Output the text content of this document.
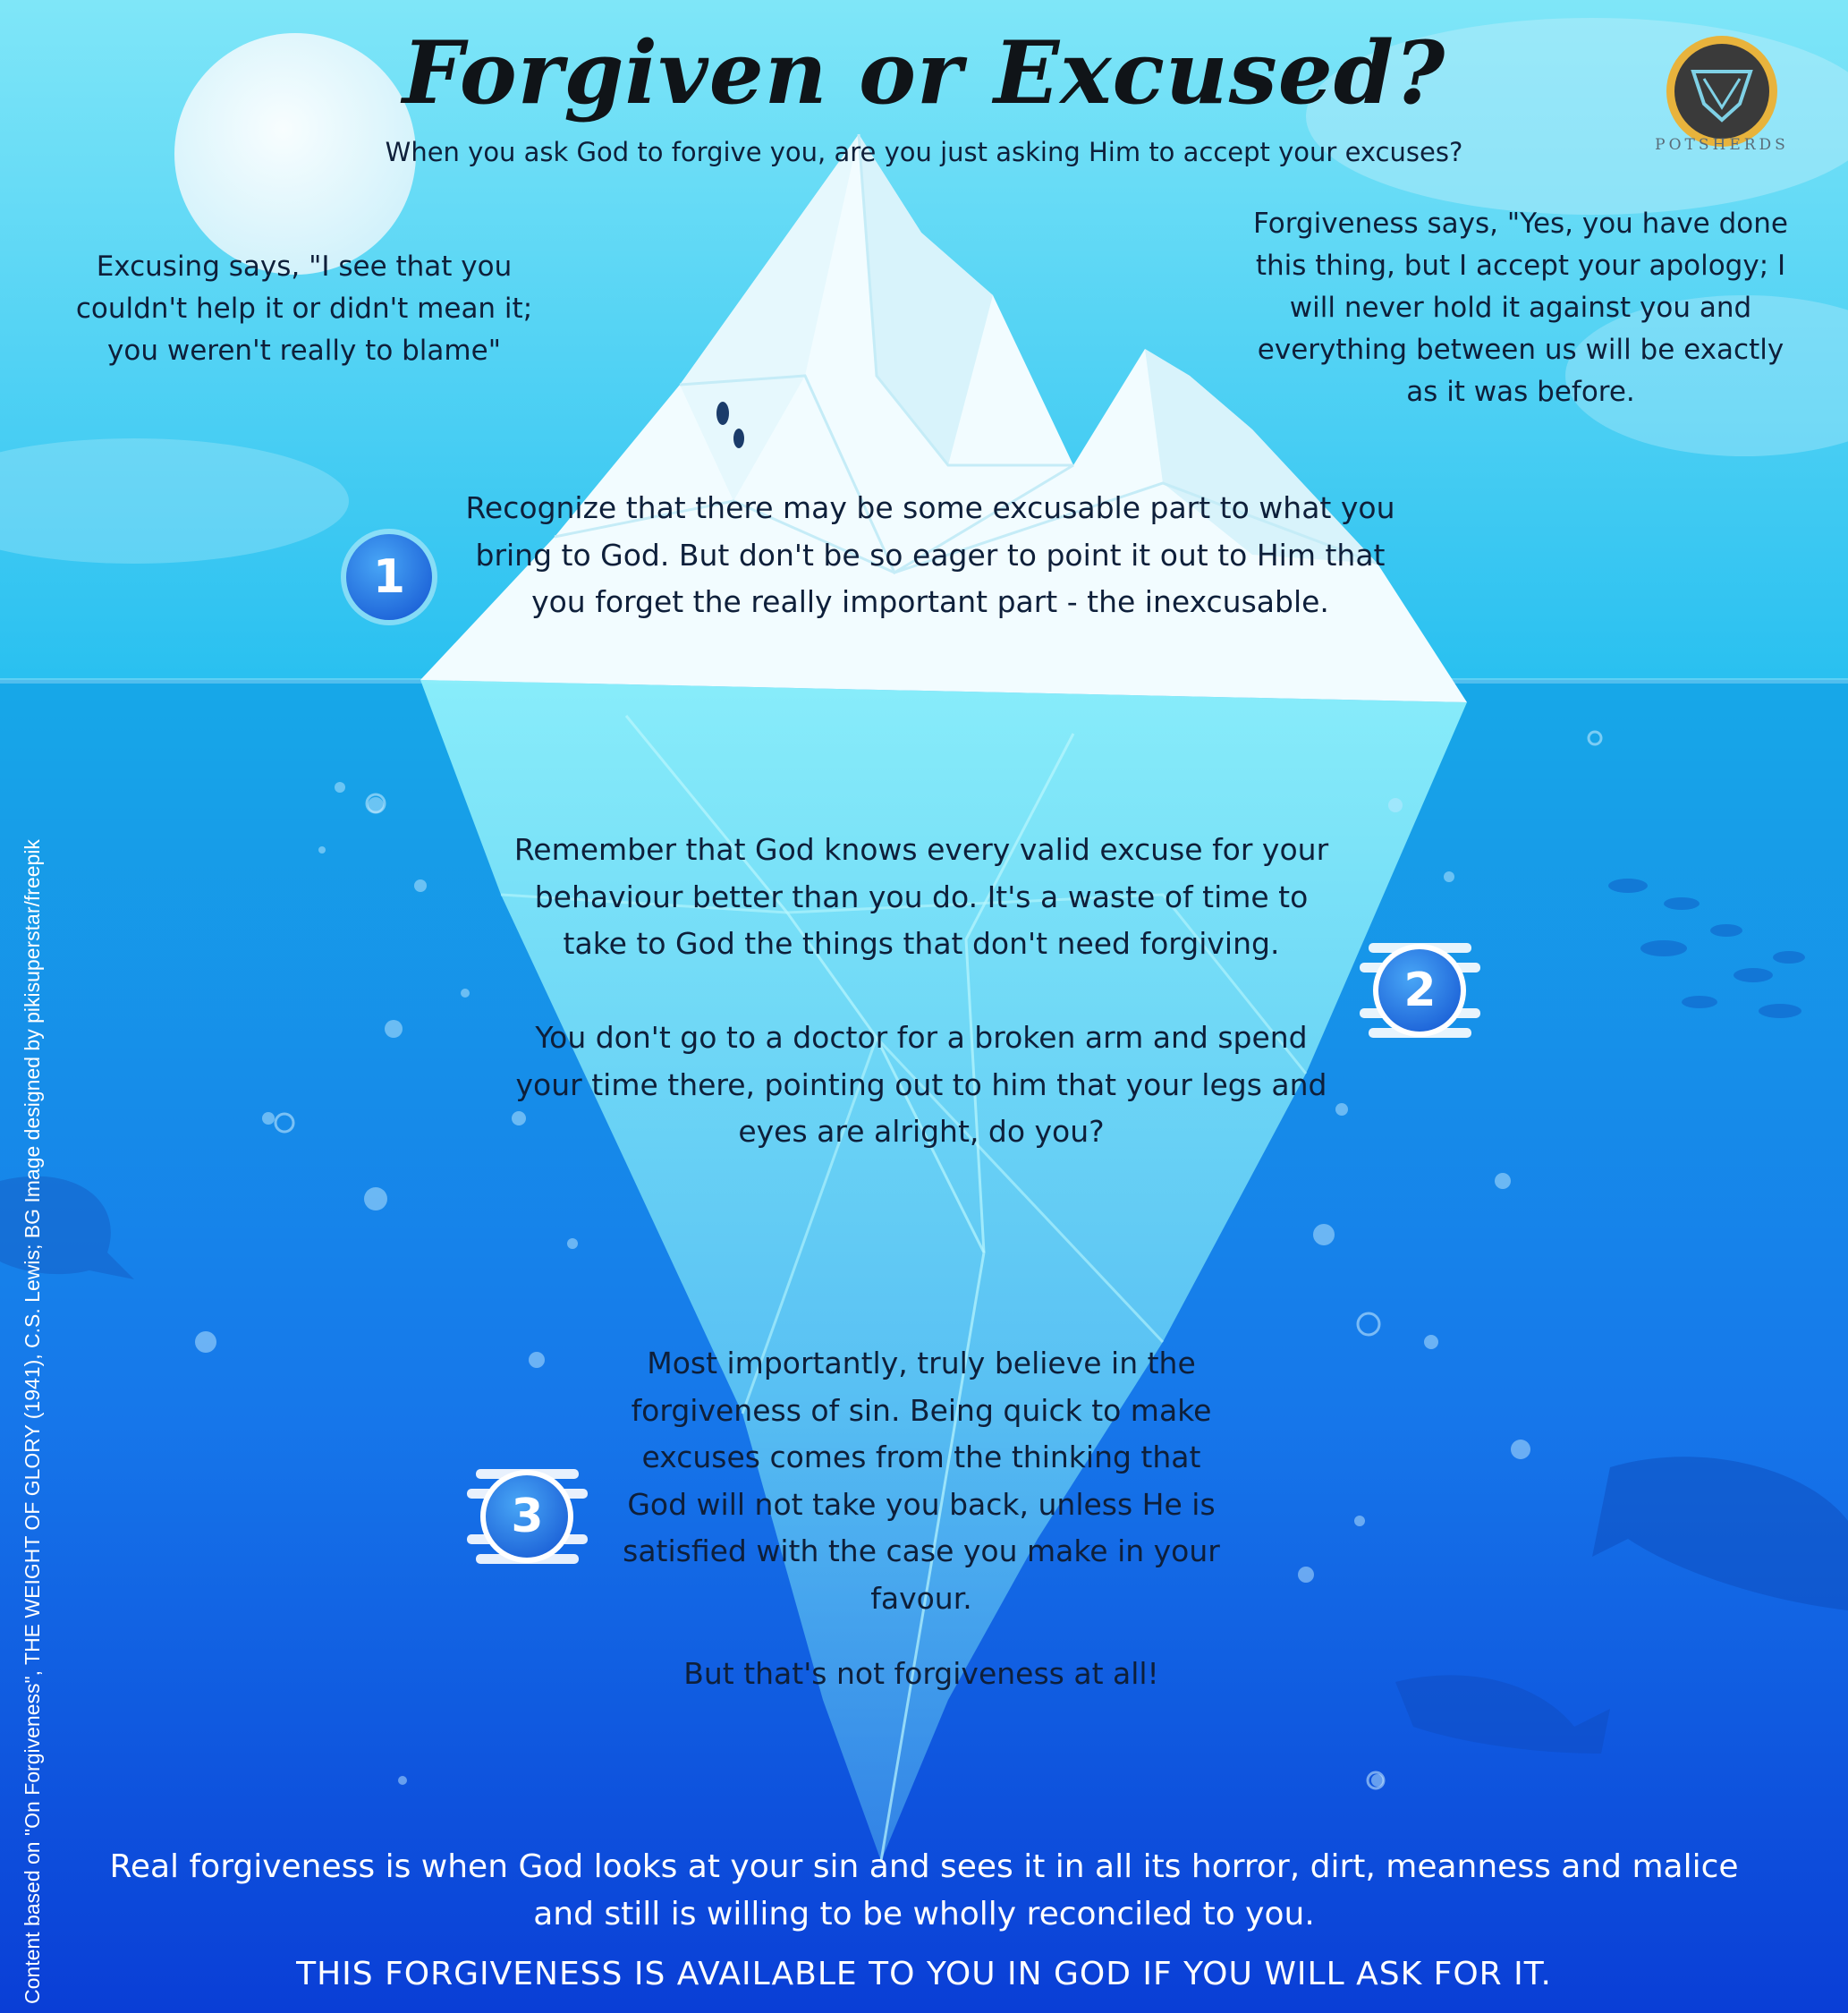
POTSHERDS

Forgiven or Excused?

When you ask God to forgive you, are you just asking Him to accept your excuses?

Excusing says, "I see that you couldn't help it or didn't mean it; you weren't really to blame"

Forgiveness says, "Yes, you have done this thing, but I accept your apology; I will never hold it against you and everything between us will be exactly as it was before.

1

Recognize that there may be some excusable part to what you bring to God. But don't be so eager to point it out to Him that you forget the really important part - the inexcusable.

2

Remember that God knows every valid excuse for your behaviour better than you do. It's a waste of time to take to God the things that don't need forgiving.

You don't go to a doctor for a broken arm and spend your time there, pointing out to him that your legs and eyes are alright, do you?

3

Most importantly, truly believe in the forgiveness of sin. Being quick to make excuses comes from the thinking that God will not take you back, unless He is satisfied with the case you make in your favour.

But that's not forgiveness at all!

Real forgiveness is when God looks at your sin and sees it in all its horror, dirt, meanness and malice and still is willing to be wholly reconciled to you.

THIS FORGIVENESS IS AVAILABLE TO YOU IN GOD IF YOU WILL ASK FOR IT.

Content based on "On Forgiveness", THE WEIGHT OF GLORY (1941), C.S. Lewis; BG Image designed by pikisuperstar/freepik
